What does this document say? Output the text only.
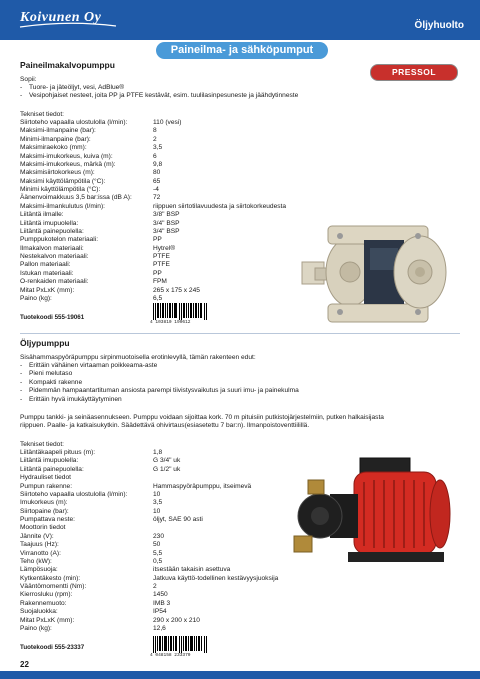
Koivunen Oy
Öljyhuolto
Paineilma- ja sähköpumput
Paineilmakalvopumppu
PRESSOL
Sopii:
- Tuore- ja jäteöljyt, vesi, AdBlue®
- Vesipohjaiset nesteet, joita PP ja PTFE kestävät, esim. tuulilasinpesuneste ja jäähdytinneste
Tekniset tiedot:
Siirtoteho vapaalla ulostulolla (l/min):	110 (vesi)
Maksimi-ilmanpaine (bar):	8
Minimi-ilmanpaine (bar):	2
Maksimiraekoko (mm):	3,5
Maksimi-imukorkeus, kuiva (m):	6
Maksimi-imukorkeus, märkä (m):	9,8
Maksimisiirtokorkeus (m):	80
Maksimi käyttölämpötila (°C):	65
Minimi käyttölämpötila (°C):	-4
Äänenvoimakkuus 3,5 bar:issa (dB A):	72
Maksimi-ilmankulutus (l/min):	riippuen siirtotilavuudesta ja siirtokorkeudesta
Liitäntä ilmalle:	3/8" BSP
Liitäntä imupuolella:	3/4" BSP
Liitäntä painepuolella:	3/4" BSP
Pumppukotelon materiaali:	PP
Ilmakalvon materiaali:	Hytrel®
Nestekalvon materiaali:	PTFE
Pallon materiaali:	PTFE
Istukan materiaali:	PP
O-renkaiden materiaali:	FPM
Mitat PxLxK (mm):	265 x 175 x 245
Paino (kg):	6,5
Tuotekoodi 555-19061
4 103810 190612
Öljypumppu
Sisähammaspyöräpumppu sirpinmuotoisella erotinlevyllä, tämän rakenteen edut:
- Erittäin vähäinen virtaaman poikkeama-aste
- Pieni melutaso
- Kompakti rakenne
- Pidemmän hampaantartituman ansiosta parempi tiivistysvaikutus ja suuri imu- ja painekulma
- Erittäin hyvä imukäyttäytyminen
Pumppu tankki- ja seinäasennukseen. Pumppu voidaan sijoittaa kork. 70 m pituisiin putkistojärjestelmiin, putken halkaisijasta
riippuen. Paalle- ja katkaisukytkin. Säädettävä ohivirtaus(esiasetettu 7 bar:n). Ilmanpoistoventtiilillä.
Tekniset tiedot:
Liitäntäkaapeli pituus (m):	1,8
Liitäntä imupuolella:	G 3/4" uk
Liitäntä painepuolella:	G 1/2" uk
Hydrauliset tiedot
Pumpun rakenne:	Hammaspyöräpumppu, itseimevä
Siirtoteho vapaalla ulostulolla (l/min):	10
Imukorkeus (m):	3,5
Siirtopaine (bar):	10
Pumpattava neste:	öljyt, SAE 90 asti
Moottorin tiedot
Jännite (V):	230
Taajuus (Hz):	50
Virranotto (A):	5,5
Teho (kW):	0,5
Lämpösuoja:	itsestään takaisin asettuva
Kytkentäkesto (min):	Jatkuva käyttö-todellinen kestävyysjuoksija
Vääntömomentti (Nm):	2
Kierrosluku (rpm):	1450
Rakennemuoto:	IMB 3
Suojaluokka:	IP54
Mitat PxLxK (mm):	290 x 200 x 210
Paino (kg):	12,6
Tuotekoodi 555-23337
4 048158 233370
22
